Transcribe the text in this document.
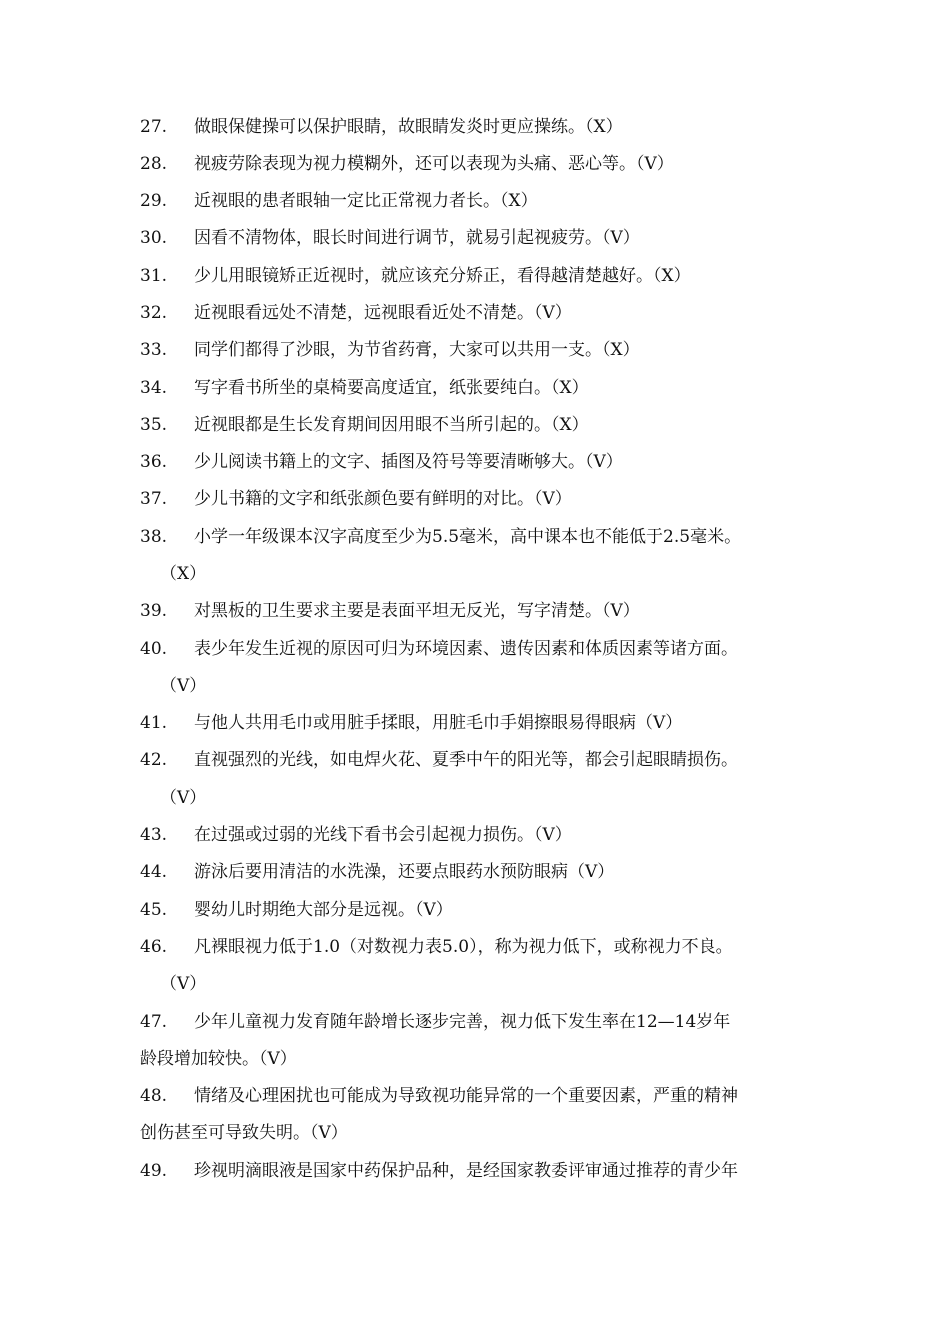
27. 做眼保健操可以保护眼睛，故眼睛发炎时更应操练。（X）
28. 视疲劳除表现为视力模糊外，还可以表现为头痛、恶心等。（V）
29. 近视眼的患者眼轴一定比正常视力者长。（X）
30. 因看不清物体，眼长时间进行调节，就易引起视疲劳。（V）
31. 少儿用眼镜矫正近视时，就应该充分矫正，看得越清楚越好。（X）
32. 近视眼看远处不清楚，远视眼看近处不清楚。（V）
33. 同学们都得了沙眼，为节省药膏，大家可以共用一支。（X）
34. 写字看书所坐的桌椅要高度适宜，纸张要纯白。（X）
35. 近视眼都是生长发育期间因用眼不当所引起的。（X）
36. 少儿阅读书籍上的文字、插图及符号等要清晰够大。（V）
37. 少儿书籍的文字和纸张颜色要有鲜明的对比。（V）
38. 小学一年级课本汉字高度至少为5.5毫米，高中课本也不能低于2.5毫米。
（X）
39. 对黑板的卫生要求主要是表面平坦无反光，写字清楚。（V）
40. 表少年发生近视的原因可归为环境因素、遗传因素和体质因素等诸方面。
（V）
41. 与他人共用毛巾或用脏手揉眼，用脏毛巾手娟擦眼易得眼病（V）
42. 直视强烈的光线，如电焊火花、夏季中午的阳光等，都会引起眼睛损伤。
（V）
43. 在过强或过弱的光线下看书会引起视力损伤。（V）
44. 游泳后要用清洁的水洗澡，还要点眼药水预防眼病（V）
45. 婴幼儿时期绝大部分是远视。（V）
46. 凡裸眼视力低于1.0（对数视力表5.0），称为视力低下，或称视力不良。
（V）
47. 少年儿童视力发育随年龄增长逐步完善，视力低下发生率在12—14岁年
龄段增加较快。（V）
48. 情绪及心理困扰也可能成为导致视功能异常的一个重要因素，严重的精神
创伤甚至可导致失明。（V）
49. 珍视明滴眼液是国家中药保护品种，是经国家教委评审通过推荐的青少年
